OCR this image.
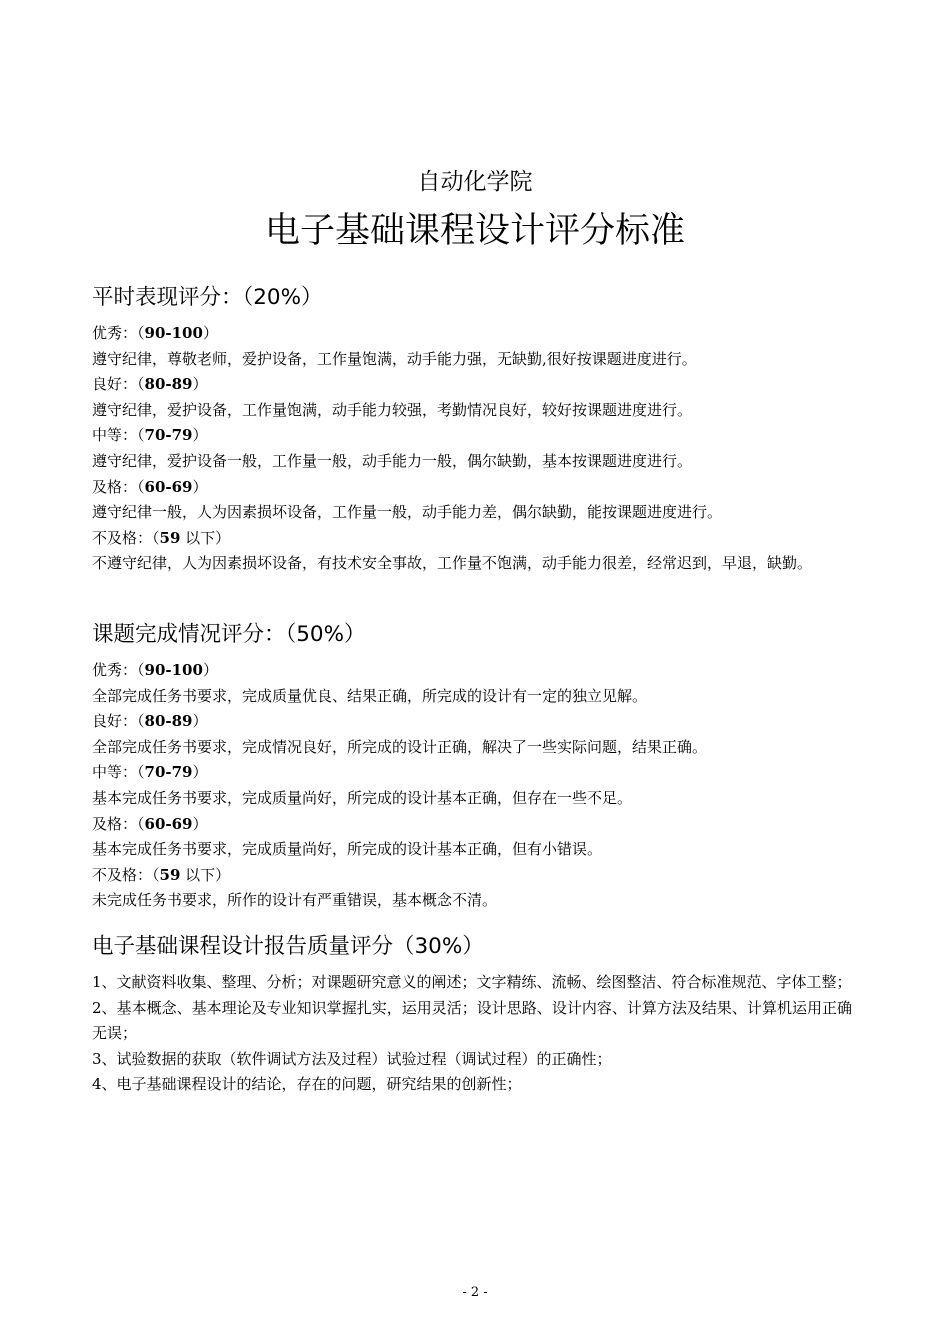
自动化学院
电子基础课程设计评分标准
平时表现评分：（20%）
优秀：（90-100）
遵守纪律，尊敬老师，爱护设备，工作量饱满，动手能力强，无缺勤,很好按课题进度进行。
良好：（80-89）
遵守纪律，爱护设备，工作量饱满，动手能力较强，考勤情况良好，较好按课题进度进行。
中等：（70-79）
遵守纪律，爱护设备一般，工作量一般，动手能力一般，偶尔缺勤，基本按课题进度进行。
及格：（60-69）
遵守纪律一般，人为因素损坏设备，工作量一般，动手能力差，偶尔缺勤，能按课题进度进行。
不及格：（59 以下）
不遵守纪律，人为因素损坏设备，有技术安全事故，工作量不饱满，动手能力很差，经常迟到，早退，缺勤。
课题完成情况评分：（50%）
优秀：（90-100）
全部完成任务书要求，完成质量优良、结果正确，所完成的设计有一定的独立见解。
良好：（80-89）
全部完成任务书要求，完成情况良好，所完成的设计正确，解决了一些实际问题，结果正确。
中等：（70-79）
基本完成任务书要求，完成质量尚好，所完成的设计基本正确，但存在一些不足。
及格：（60-69）
基本完成任务书要求，完成质量尚好，所完成的设计基本正确，但有小错误。
不及格：（59 以下）
未完成任务书要求，所作的设计有严重错误，基本概念不清。
电子基础课程设计报告质量评分（30%）
1、文献资料收集、整理、分析；对课题研究意义的阐述；文字精练、流畅、绘图整洁、符合标准规范、字体工整；
2、基本概念、基本理论及专业知识掌握扎实，运用灵活；设计思路、设计内容、计算方法及结果、计算机运用正确无误；
3、试验数据的获取（软件调试方法及过程）试验过程（调试过程）的正确性；
4、电子基础课程设计的结论，存在的问题，研究结果的创新性；
- 2 -
